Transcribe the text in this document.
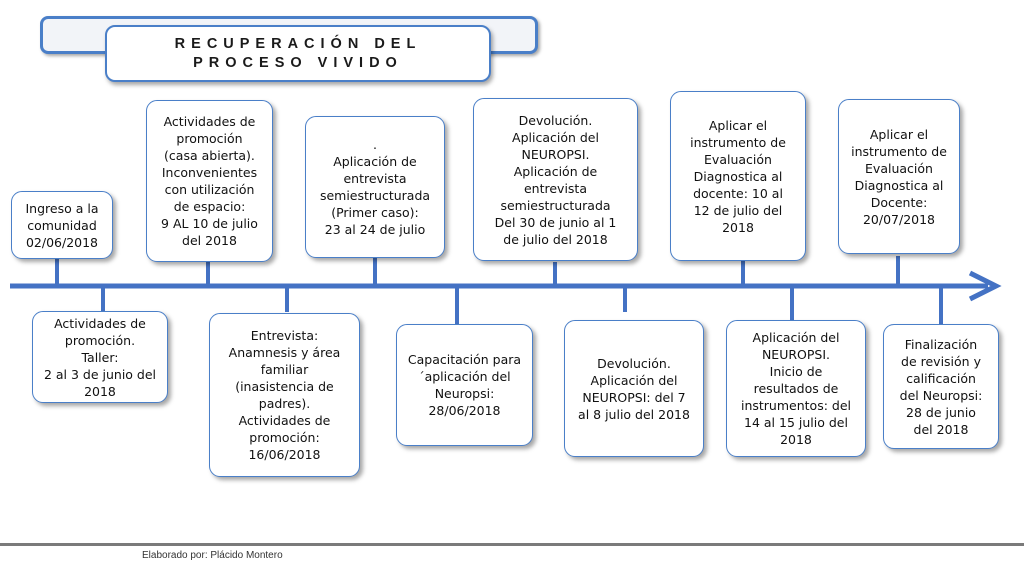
RECUPERACIÓN DEL
PROCESO VIVIDO
Ingreso a la
comunidad
02/06/2018
Actividades de
promoción
(casa abierta).
Inconvenientes
con utilización
de espacio:
9 AL 10 de julio
del 2018
.
Aplicación de
entrevista
semiestructurada
(Primer caso):
23 al 24 de julio
Devolución.
Aplicación del
NEUROPSI.
Aplicación de
entrevista
semiestructurada
Del 30 de junio al 1
de julio del 2018
Aplicar el
instrumento de
Evaluación
Diagnostica al
docente: 10 al
12 de julio del
2018
Aplicar el
instrumento de
Evaluación
Diagnostica al
Docente:
20/07/2018
Actividades de
promoción.
Taller:
2 al 3 de junio del
2018
Entrevista:
Anamnesis y área
familiar
(inasistencia de
padres).
Actividades de
promoción:
16/06/2018
Capacitación para
´aplicación del
Neuropsi:
28/06/2018
Devolución.
Aplicación del
NEUROPSI: del 7
al 8 julio del 2018
Aplicación del
NEUROPSI.
Inicio de
resultados de
instrumentos: del
14 al 15 julio del
2018
Finalización
de revisión y
calificación
del Neuropsi:
28 de junio
del 2018
Elaborado por: Plácido Montero
